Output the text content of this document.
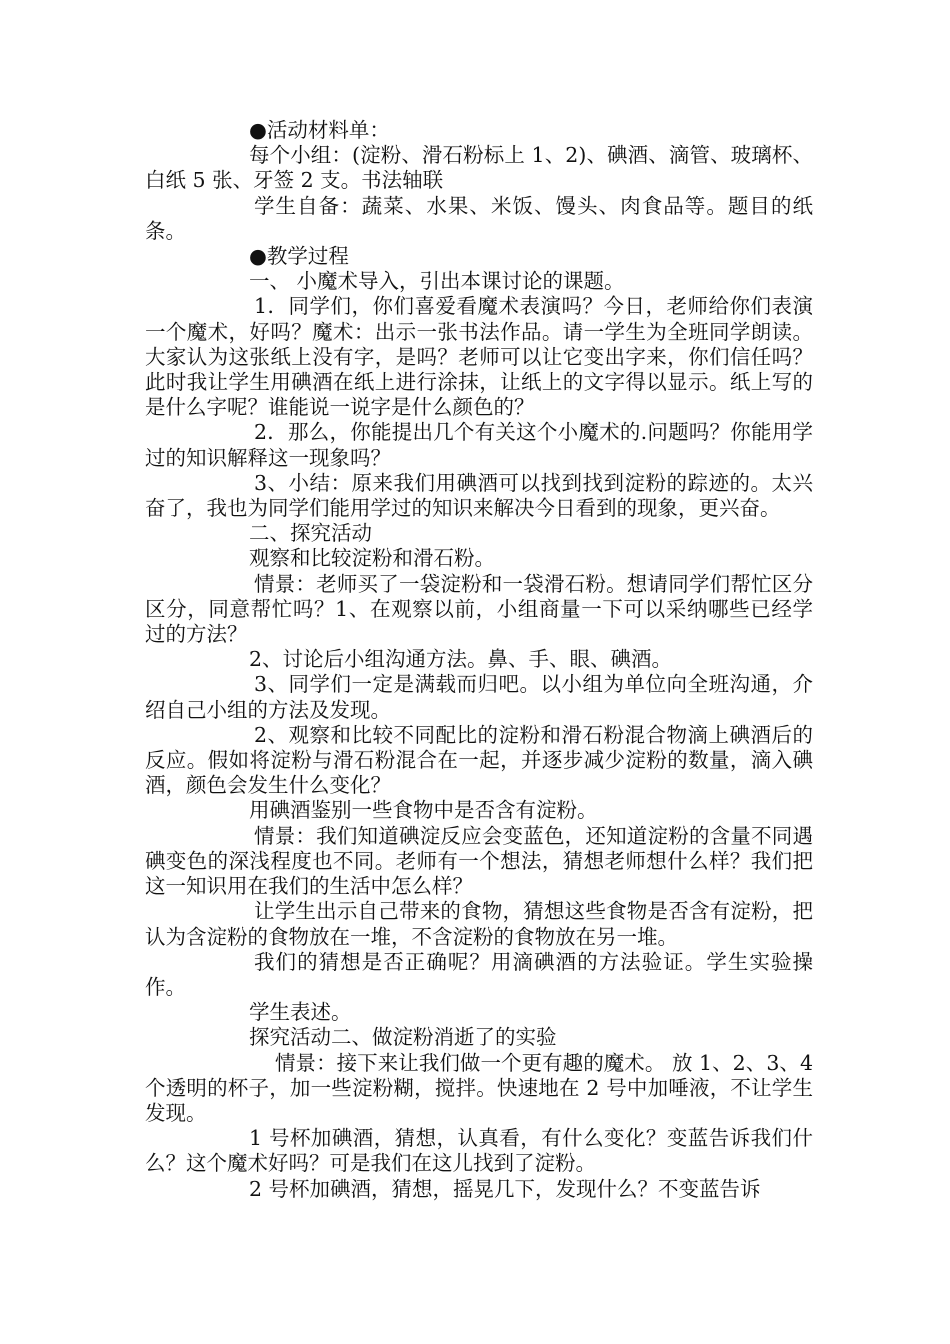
●活动材料单：

每个小组：(淀粉、滑石粉标上 1、2)、碘酒、滴管、玻璃杯、白纸 5 张、牙签 2 支。书法轴联

学生自备：蔬菜、水果、米饭、馒头、肉食品等。题目的纸条。

●教学过程

一、 小魔术导入，引出本课讨论的课题。

1．同学们，你们喜爱看魔术表演吗？今日，老师给你们表演一个魔术，好吗？魔术：出示一张书法作品。请一学生为全班同学朗读。大家认为这张纸上没有字，是吗？老师可以让它变出字来，你们信任吗？此时我让学生用碘酒在纸上进行涂抹，让纸上的文字得以显示。纸上写的是什么字呢？谁能说一说字是什么颜色的？

2．那么，你能提出几个有关这个小魔术的.问题吗？你能用学过的知识解释这一现象吗？

3、小结：原来我们用碘酒可以找到找到淀粉的踪迹的。太兴奋了，我也为同学们能用学过的知识来解决今日看到的现象，更兴奋。

二、探究活动

观察和比较淀粉和滑石粉。

情景：老师买了一袋淀粉和一袋滑石粉。想请同学们帮忙区分区分，同意帮忙吗？1、在观察以前，小组商量一下可以采纳哪些已经学过的方法？

2、讨论后小组沟通方法。鼻、手、眼、碘酒。

3、同学们一定是满载而归吧。以小组为单位向全班沟通，介绍自己小组的方法及发现。

2、观察和比较不同配比的淀粉和滑石粉混合物滴上碘酒后的反应。假如将淀粉与滑石粉混合在一起，并逐步减少淀粉的数量，滴入碘酒，颜色会发生什么变化？

用碘酒鉴别一些食物中是否含有淀粉。

情景：我们知道碘淀反应会变蓝色，还知道淀粉的含量不同遇碘变色的深浅程度也不同。老师有一个想法，猜想老师想什么样？我们把这一知识用在我们的生活中怎么样？

让学生出示自己带来的食物，猜想这些食物是否含有淀粉，把认为含淀粉的食物放在一堆，不含淀粉的食物放在另一堆。

我们的猜想是否正确呢？用滴碘酒的方法验证。学生实验操作。

学生表述。

探究活动二、做淀粉消逝了的实验

情景：接下来让我们做一个更有趣的魔术。 放 1、2、3、4 个透明的杯子，加一些淀粉糊，搅拌。快速地在 2 号中加唾液，不让学生发现。

1 号杯加碘酒，猜想，认真看，有什么变化？变蓝告诉我们什么？这个魔术好吗？可是我们在这儿找到了淀粉。

2 号杯加碘酒，猜想，摇晃几下，发现什么？不变蓝告诉
